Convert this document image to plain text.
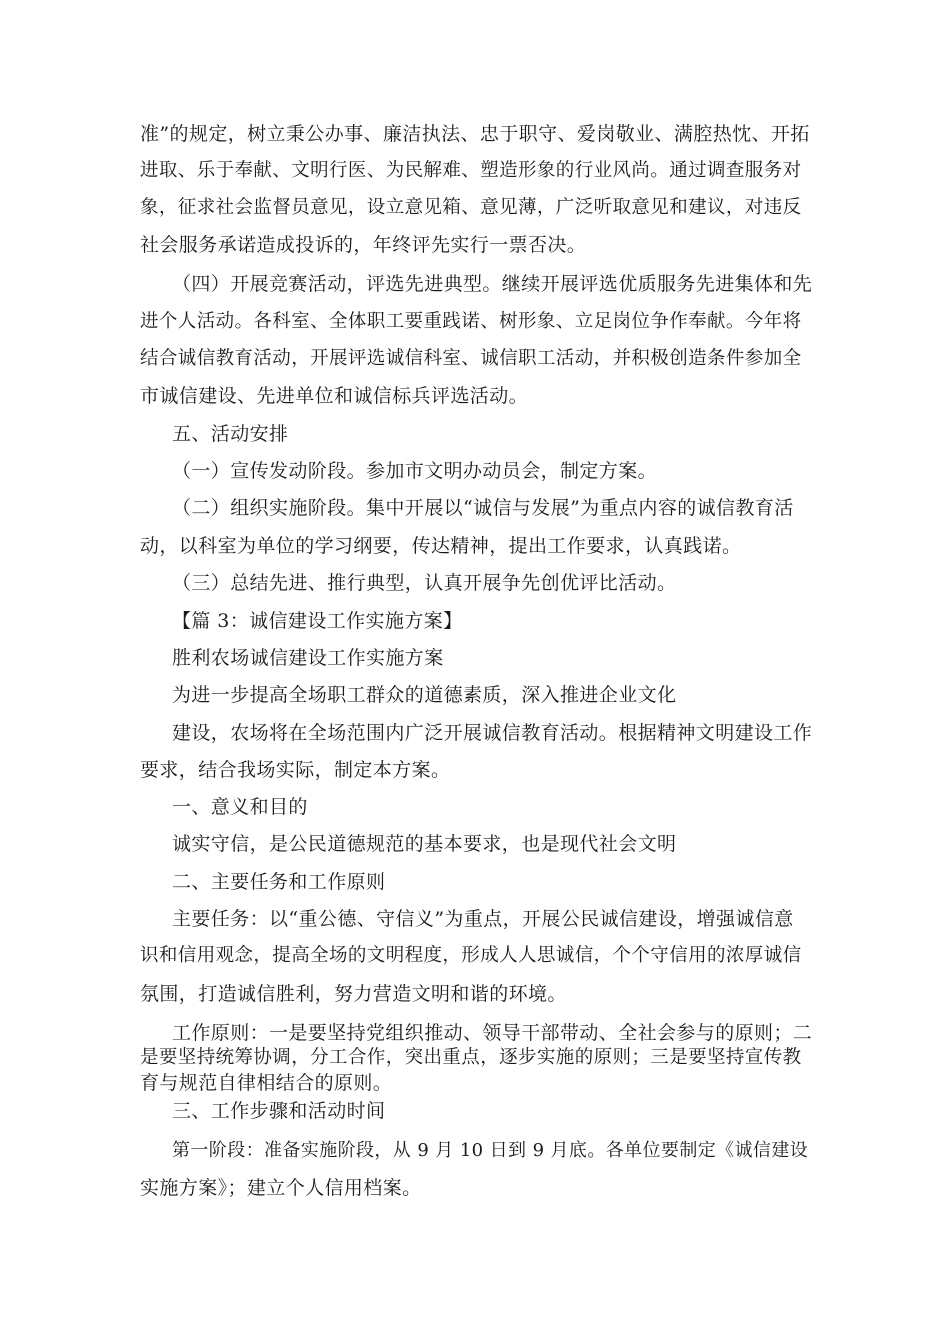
准”的规定，树立秉公办事、廉洁执法、忠于职守、爱岗敬业、满腔热忱、开拓
进取、乐于奉献、文明行医、为民解难、塑造形象的行业风尚。通过调查服务对
象，征求社会监督员意见，设立意见箱、意见薄，广泛听取意见和建议，对违反
社会服务承诺造成投诉的，年终评先实行一票否决。
（四）开展竞赛活动，评选先进典型。继续开展评选优质服务先进集体和先
进个人活动。各科室、全体职工要重践诺、树形象、立足岗位争作奉献。今年将
结合诚信教育活动，开展评选诚信科室、诚信职工活动，并积极创造条件参加全
市诚信建设、先进单位和诚信标兵评选活动。
五、活动安排
（一）宣传发动阶段。参加市文明办动员会，制定方案。
（二）组织实施阶段。集中开展以“诚信与发展”为重点内容的诚信教育活
动，以科室为单位的学习纲要，传达精神，提出工作要求，认真践诺。
（三）总结先进、推行典型，认真开展争先创优评比活动。
【篇 3：诚信建设工作实施方案】
胜利农场诚信建设工作实施方案
为进一步提高全场职工群众的道德素质，深入推进企业文化
建设，农场将在全场范围内广泛开展诚信教育活动。根据精神文明建设工作
要求，结合我场实际，制定本方案。
一、意义和目的
诚实守信，是公民道德规范的基本要求，也是现代社会文明
二、主要任务和工作原则
主要任务：以“重公德、守信义”为重点，开展公民诚信建设，增强诚信意
识和信用观念，提高全场的文明程度，形成人人思诚信，个个守信用的浓厚诚信
氛围，打造诚信胜利，努力营造文明和谐的环境。
工作原则：一是要坚持党组织推动、领导干部带动、全社会参与的原则；二
是要坚持统筹协调，分工合作，突出重点，逐步实施的原则；三是要坚持宣传教
育与规范自律相结合的原则。
三、工作步骤和活动时间
第一阶段：准备实施阶段，从 9 月 10 日到 9 月底。各单位要制定《诚信建设
实施方案》；建立个人信用档案。
